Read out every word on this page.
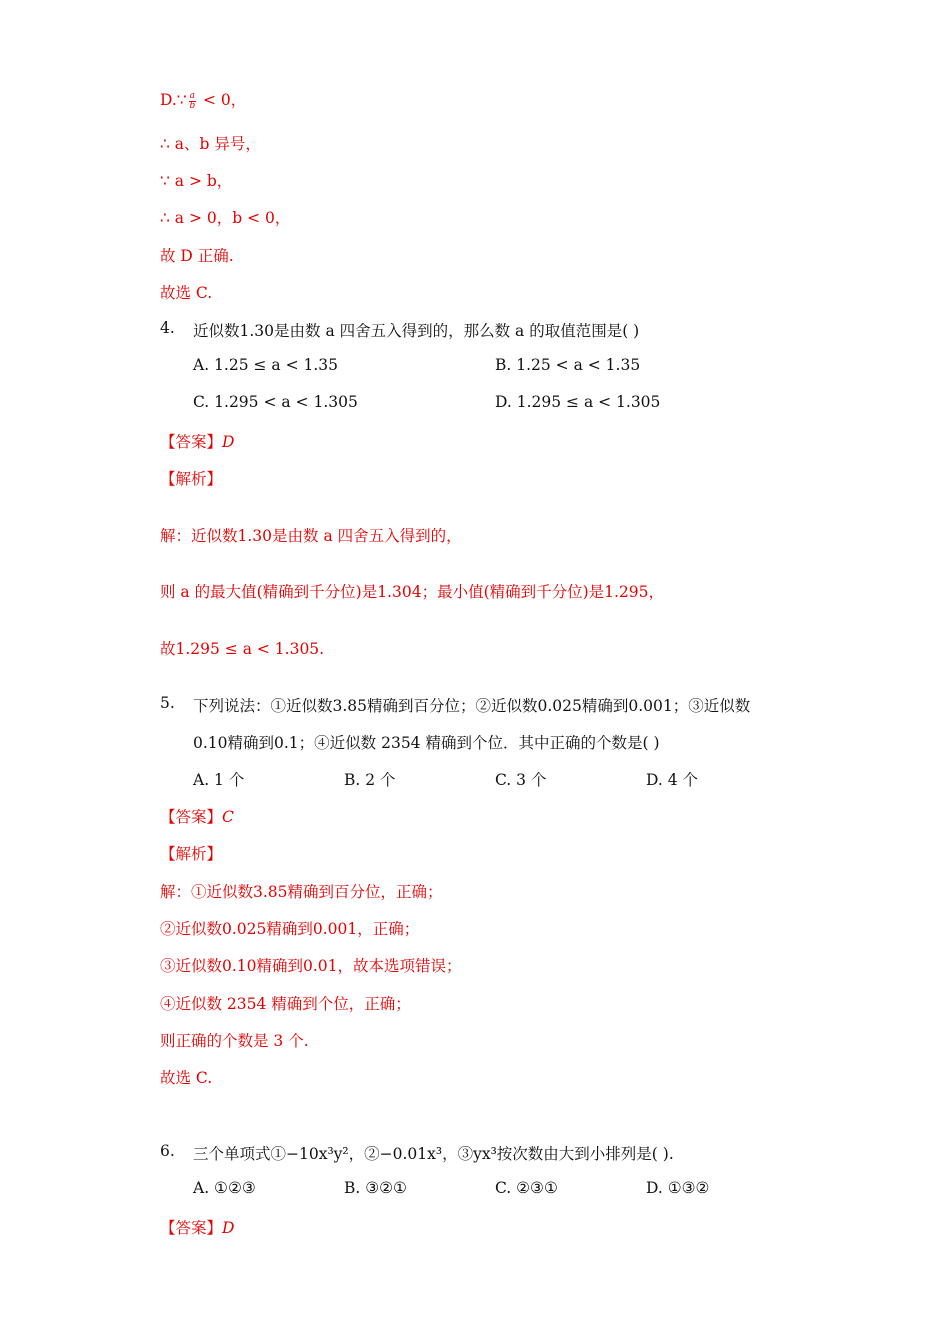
D.∵ $\frac{a}{b} < 0$，
∴ a、b 异号，
∵ a > b，
∴ a > 0，b < 0，
故 D 正确.
故选 C.
4. 近似数1.30是由数 a 四舍五入得到的，那么数 a 的取值范围是( )
A. 1.25 ≤ a < 1.35	B. 1.25 < a < 1.35
C. 1.295 < a < 1.305	D. 1.295 ≤ a < 1.305
【答案】D
【解析】
解：近似数1.30是由数 a 四舍五入得到的，
则 a 的最大值(精确到千分位)是1.304；最小值(精确到千分位)是1.295，
故1.295 ≤ a < 1.305.
5. 下列说法：①近似数3.85精确到百分位；②近似数0.025精确到0.001；③近似数
0.10精确到0.1；④近似数 2354 精确到个位．其中正确的个数是( )
A. 1 个	B. 2 个	C. 3 个	D. 4 个
【答案】C
【解析】
解：①近似数3.85精确到百分位，正确；
②近似数0.025精确到0.001，正确；
③近似数0.10精确到0.01，故本选项错误；
④近似数 2354 精确到个位，正确；
则正确的个数是 3 个.
故选 C.
6. 三个单项式①−10x³y²，②−0.01x³，③yx³按次数由大到小排列是( ).
A. ①②③	B. ③②①	C. ②③①	D. ①③②
【答案】D
